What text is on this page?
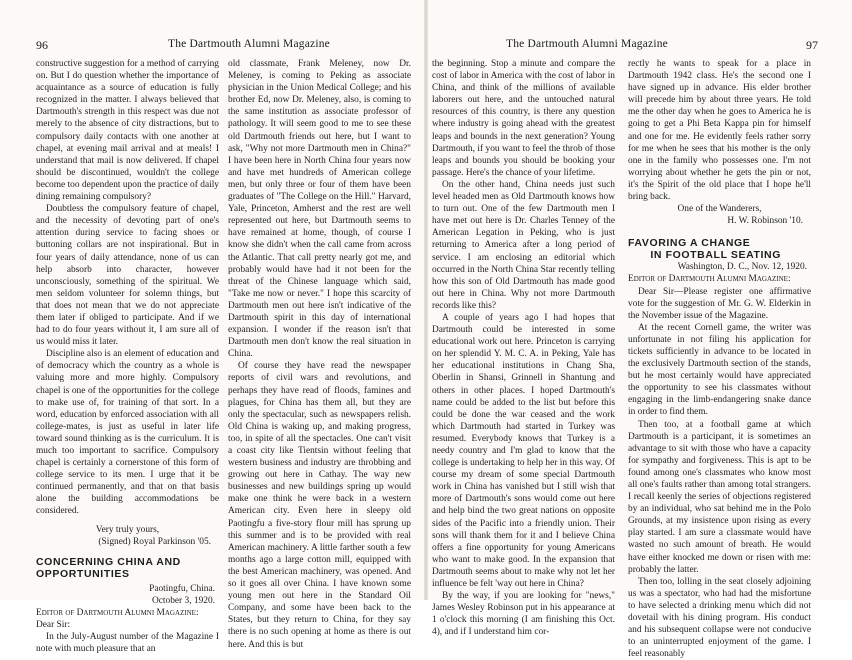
96	The Dartmouth Alumni Magazine

constructive suggestion for a method of carrying on. But I do question whether the importance of acquaintance as a source of education is fully recognized in the matter. I always believed that Dartmouth's strength in this respect was due not merely to the absence of city distractions, but to compulsory daily contacts with one another at chapel, at evening mail arrival and at meals! I understand that mail is now delivered. If chapel should be discontinued, wouldn't the college become too dependent upon the practice of daily dining remaining compulsory?

Doubtless the compulsory feature of chapel, and the necessity of devoting part of one's attention during service to facing shoes or buttoning collars are not inspirational. But in four years of daily attendance, none of us can help absorb into character, however unconsciously, something of the spiritual. We men seldom volunteer for solemn things, but that does not mean that we do not appreciate them later if obliged to participate. And if we had to do four years without it, I am sure all of us would miss it later.

Discipline also is an element of education and of democracy which the country as a whole is valuing more and more highly. Compulsory chapel is one of the opportunities for the college to make use of, for training of that sort. In a word, education by enforced association with all college-mates, is just as useful in later life toward sound thinking as is the curriculum. It is much too important to sacrifice. Compulsory chapel is certainly a cornerstone of this form of college service to its men. I urge that it be continued permanently, and that on that basis alone the building accommodations be considered.

Very truly yours,

(Signed) Royal Parkinson '05.

CONCERNING CHINA AND OPPORTUNITIES

Paotingfu, China.

October 3, 1920.

Editor of Dartmouth Alumni Magazine:

Dear Sir:

In the July-August number of the Magazine I note with much pleasure that an

old classmate, Frank Meleney, now Dr. Meleney, is coming to Peking as associate physician in the Union Medical College; and his brother Ed, now Dr. Meleney, also, is coming to the same institution as associate professor of pathology. It will seem good to me to see these old Dartmouth friends out here, but I want to ask, "Why not more Dartmouth men in China?" I have been here in North China four years now and have met hundreds of American college men, but only three or four of them have been graduates of "The College on the Hill." Harvard, Yale, Princeton, Amherst and the rest are well represented out here, but Dartmouth seems to have remained at home, though, of course I know she didn't when the call came from across the Atlantic. That call pretty nearly got me, and probably would have had it not been for the threat of the Chinese language which said, "Take me now or never." I hope this scarcity of Dartmouth men out here isn't indicative of the Dartmouth spirit in this day of international expansion. I wonder if the reason isn't that Dartmouth men don't know the real situation in China.

Of course they have read the newspaper reports of civil wars and revolutions, and perhaps they have read of floods, famines and plagues, for China has them all, but they are only the spectacular, such as newspapers relish. Old China is waking up, and making progress, too, in spite of all the spectacles. One can't visit a coast city like Tientsin without feeling that western business and industry are throbbing and growing out here in Cathay. The way new businesses and new buildings spring up would make one think he were back in a western American city. Even here in sleepy old Paotingfu a five-story flour mill has sprung up this summer and is to be provided with real American machinery. A little farther south a few months ago a large cotton mill, equipped with the best American machinery, was opened. And so it goes all over China. I have known some young men out here in the Standard Oil Company, and some have been back to the States, but they return to China, for they say there is no such opening at home as there is out here. And this is but

The Dartmouth Alumni Magazine	97

the beginning. Stop a minute and compare the cost of labor in America with the cost of labor in China, and think of the millions of available laborers out here, and the untouched natural resources of this country, is there any question where industry is going ahead with the greatest leaps and bounds in the next generation? Young Dartmouth, if you want to feel the throb of those leaps and bounds you should be booking your passage. Here's the chance of your lifetime.

On the other hand, China needs just such level headed men as Old Dartmouth knows how to turn out. One of the few Dartmouth men I have met out here is Dr. Charles Tenney of the American Legation in Peking, who is just returning to America after a long period of service. I am enclosing an editorial which occurred in the North China Star recently telling how this son of Old Dartmouth has made good out here in China. Why not more Dartmouth records like this?

A couple of years ago I had hopes that Dartmouth could be interested in some educational work out here. Princeton is carrying on her splendid Y. M. C. A. in Peking, Yale has her educational institutions in Chang Sha, Oberlin in Shansi, Grinnell in Shantung and others in other places. I hoped Dartmouth's name could be added to the list but before this could be done the war ceased and the work which Dartmouth had started in Turkey was resumed. Everybody knows that Turkey is a needy country and I'm glad to know that the college is undertaking to help her in this way. Of course my dream of some special Dartmouth work in China has vanished but I still wish that more of Dartmouth's sons would come out here and help bind the two great nations on opposite sides of the Pacific into a friendly union. Their sons will thank them for it and I believe China offers a fine opportunity for young Americans who want to make good. In the expansion that Dartmouth seems about to make why not let her influence be felt 'way out here in China?

By the way, if you are looking for "news," James Wesley Robinson put in his appearance at 1 o'clock this morning (I am finishing this Oct. 4), and if I understand him cor-

rectly he wants to speak for a place in Dartmouth 1942 class. He's the second one I have signed up in advance. His elder brother will precede him by about three years. He told me the other day when he goes to America he is going to get a Phi Beta Kappa pin for himself and one for me. He evidently feels rather sorry for me when he sees that his mother is the only one in the family who possesses one. I'm not worrying about whether he gets the pin or not, it's the Spirit of the old place that I hope he'll bring back.

One of the Wanderers,

H. W. Robinson '10.

FAVORING A CHANGE

IN FOOTBALL SEATING

Washington, D. C., Nov. 12, 1920.

Editor of Dartmouth Alumni Magazine:

Dear Sir—Please register one affirmative vote for the suggestion of Mr. G. W. Elderkin in the November issue of the Magazine.

At the recent Cornell game, the writer was unfortunate in not filing his application for tickets sufficiently in advance to be located in the exclusively Dartmouth section of the stands, but he most certainly would have appreciated the opportunity to see his classmates without engaging in the limb-endangering snake dance in order to find them.

Then too, at a football game at which Dartmouth is a participant, it is sometimes an advantage to sit with those who have a capacity for sympathy and forgiveness. This is apt to be found among one's classmates who know most all one's faults rather than among total strangers. I recall keenly the series of objections registered by an individual, who sat behind me in the Polo Grounds, at my insistence upon rising as every play started. I am sure a classmate would have wasted no such amount of breath. He would have either knocked me down or risen with me: probably the latter.

Then too, lolling in the seat closely adjoining us was a spectator, who had had the misfortune to have selected a drinking menu which did not dovetail with his dining program. His conduct and his subsequent collapse were not conducive to an uninterrupted enjoyment of the game. I feel reasonably
